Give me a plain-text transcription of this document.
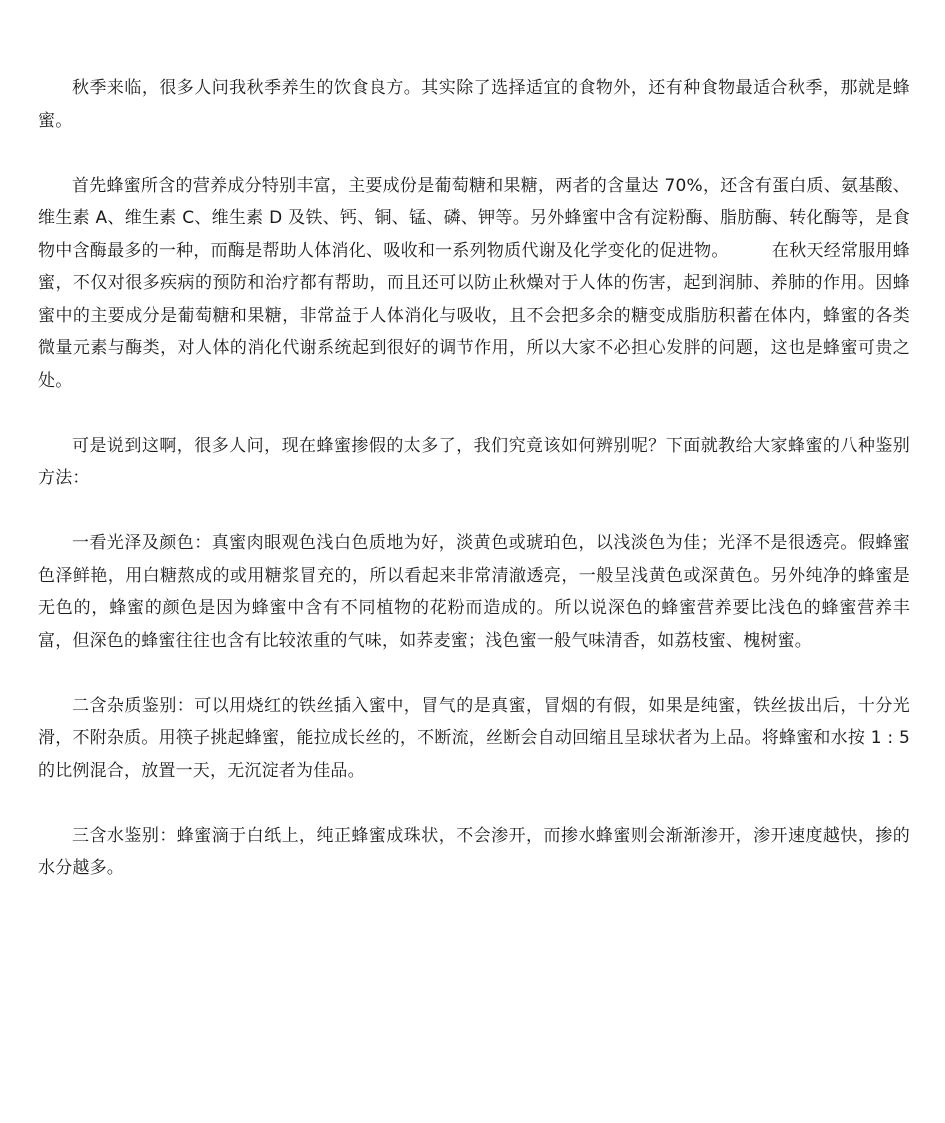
秋季来临，很多人问我秋季养生的饮食良方。其实除了选择适宜的食物外，还有种食物最适合秋季，那就是蜂蜜。

首先蜂蜜所含的营养成分特别丰富，主要成份是葡萄糖和果糖，两者的含量达 70%，还含有蛋白质、氨基酸、维生素 A、维生素 C、维生素 D 及铁、钙、铜、锰、磷、钾等。另外蜂蜜中含有淀粉酶、脂肪酶、转化酶等，是食物中含酶最多的一种，而酶是帮助人体消化、吸收和一系列物质代谢及化学变化的促进物。　　　在秋天经常服用蜂蜜，不仅对很多疾病的预防和治疗都有帮助，而且还可以防止秋燥对于人体的伤害，起到润肺、养肺的作用。因蜂蜜中的主要成分是葡萄糖和果糖，非常益于人体消化与吸收，且不会把多余的糖变成脂肪积蓄在体内，蜂蜜的各类微量元素与酶类，对人体的消化代谢系统起到很好的调节作用，所以大家不必担心发胖的问题，这也是蜂蜜可贵之处。

可是说到这啊，很多人问，现在蜂蜜掺假的太多了，我们究竟该如何辨别呢？下面就教给大家蜂蜜的八种鉴别方法：

一看光泽及颜色：真蜜肉眼观色浅白色质地为好，淡黄色或琥珀色，以浅淡色为佳；光泽不是很透亮。假蜂蜜色泽鲜艳，用白糖熬成的或用糖浆冒充的，所以看起来非常清澈透亮，一般呈浅黄色或深黄色。另外纯净的蜂蜜是无色的，蜂蜜的颜色是因为蜂蜜中含有不同植物的花粉而造成的。所以说深色的蜂蜜营养要比浅色的蜂蜜营养丰富，但深色的蜂蜜往往也含有比较浓重的气味，如荞麦蜜；浅色蜜一般气味清香，如荔枝蜜、槐树蜜。

二含杂质鉴别：可以用烧红的铁丝插入蜜中，冒气的是真蜜，冒烟的有假，如果是纯蜜，铁丝拔出后，十分光滑，不附杂质。用筷子挑起蜂蜜，能拉成长丝的，不断流，丝断会自动回缩且呈球状者为上品。将蜂蜜和水按 1 : 5 的比例混合，放置一天，无沉淀者为佳品。

三含水鉴别：蜂蜜滴于白纸上，纯正蜂蜜成珠状，不会渗开，而掺水蜂蜜则会渐渐渗开，渗开速度越快，掺的水分越多。
